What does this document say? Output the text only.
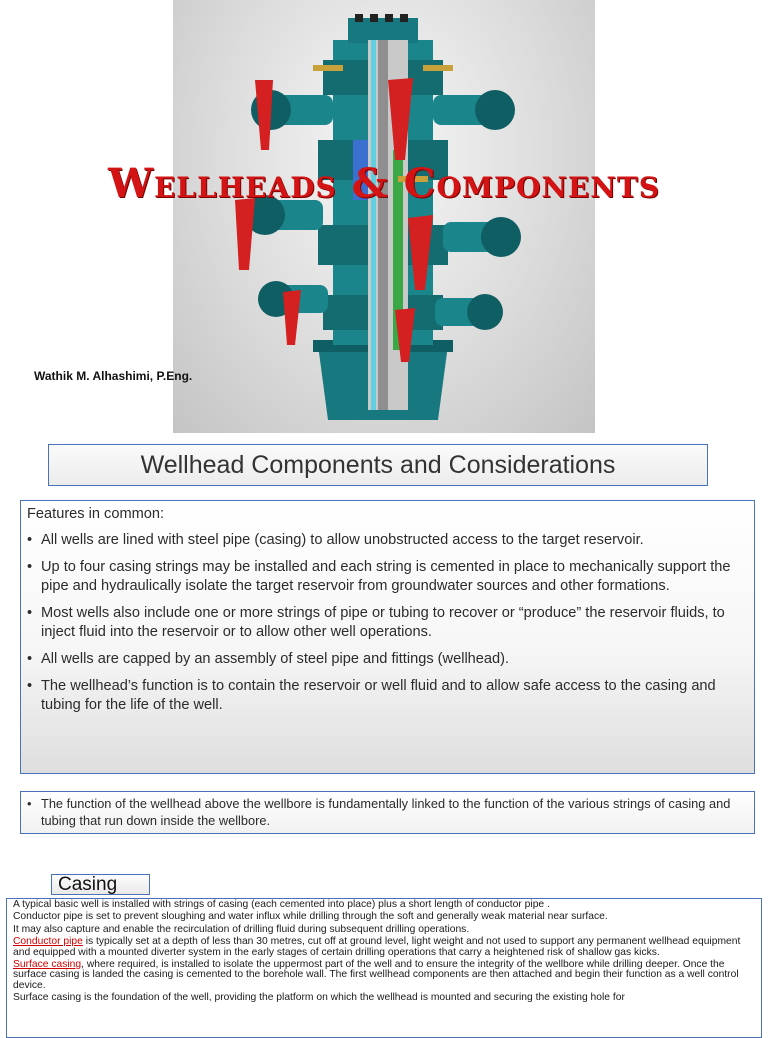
Wellheads & Components
Wathik M. Alhashimi, P.Eng.
Wellhead Components and Considerations

Features in common:

• All wells are lined with steel pipe (casing) to allow unobstructed access to the target reservoir.
• Up to four casing strings may be installed and each string is cemented in place to mechanically support the pipe and hydraulically isolate the target reservoir from groundwater sources and other formations.
• Most wells also include one or more strings of pipe or tubing to recover or “produce” the reservoir fluids, to inject fluid into the reservoir or to allow other well operations.
• All wells are capped by an assembly of steel pipe and fittings (wellhead).
• The wellhead’s function is to contain the reservoir or well fluid and to allow safe access to the casing and tubing for the life of the well.
• The function of the wellhead above the wellbore is fundamentally linked to the function of the various strings of casing and tubing that run down inside the wellbore.
Casing

A typical basic well is installed with strings of casing (each cemented into place) plus a short length of conductor pipe .

Conductor pipe is set to prevent sloughing and water influx while drilling through the soft and generally weak material near surface.

It may also capture and enable the recirculation of drilling fluid during subsequent drilling operations.

Conductor pipe is typically set at a depth of less than 30 metres, cut off at ground level, light weight and not used to support any permanent wellhead equipment and equipped with a mounted diverter system in the early stages of certain drilling operations that carry a heightened risk of shallow gas kicks.

Surface casing, where required, is installed to isolate the uppermost part of the well and to ensure the integrity of the wellbore while drilling deeper. Once the surface casing is landed the casing is cemented to the borehole wall. The first wellhead components are then attached and begin their function as a well control device.

Surface casing is the foundation of the well, providing the platform on which the wellhead is mounted and securing the existing hole for
